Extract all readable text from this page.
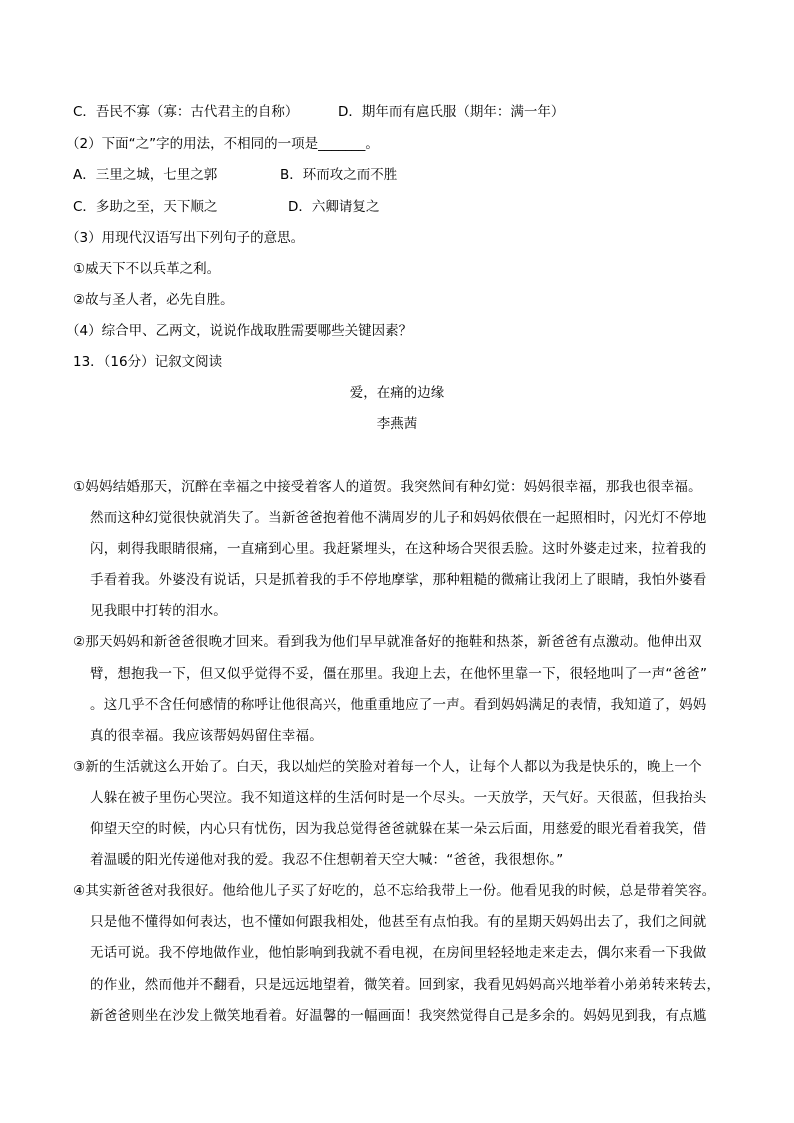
C．吾民不寡（寡：古代君主的自称）	D．期年而有扈氏服（期年：满一年）
（2）下面“之”字的用法，不相同的一项是_______。
A．三里之城，七里之郭	B．环而攻之而不胜
C．多助之至，天下顺之	D．六卿请复之
（3）用现代汉语写出下列句子的意思。
①威天下不以兵革之利。
②故与圣人者，必先自胜。
（4）综合甲、乙两文，说说作战取胜需要哪些关键因素？
13．（16分）记叙文阅读
爱，在痛的边缘
李燕茜
①妈妈结婚那天，沉醉在幸福之中接受着客人的道贺。我突然间有种幻觉：妈妈很幸福，那我也很幸福。
然而这种幻觉很快就消失了。当新爸爸抱着他不满周岁的儿子和妈妈依偎在一起照相时，闪光灯不停地
闪，刺得我眼睛很痛，一直痛到心里。我赶紧埋头，在这种场合哭很丢脸。这时外婆走过来，拉着我的
手看着我。外婆没有说话，只是抓着我的手不停地摩挲，那种粗糙的微痛让我闭上了眼睛，我怕外婆看
见我眼中打转的泪水。
②那天妈妈和新爸爸很晚才回来。看到我为他们早早就准备好的拖鞋和热茶，新爸爸有点激动。他伸出双
臂，想抱我一下，但又似乎觉得不妥，僵在那里。我迎上去，在他怀里靠一下，很轻地叫了一声“爸爸”
。这几乎不含任何感情的称呼让他很高兴，他重重地应了一声。看到妈妈满足的表情，我知道了，妈妈
真的很幸福。我应该帮妈妈留住幸福。
③新的生活就这么开始了。白天，我以灿烂的笑脸对着每一个人，让每个人都以为我是快乐的，晚上一个
人躲在被子里伤心哭泣。我不知道这样的生活何时是一个尽头。一天放学，天气好。天很蓝，但我抬头
仰望天空的时候，内心只有忧伤，因为我总觉得爸爸就躲在某一朵云后面，用慈爱的眼光看着我笑，借
着温暖的阳光传递他对我的爱。我忍不住想朝着天空大喊：“爸爸，我很想你。”
④其实新爸爸对我很好。他给他儿子买了好吃的，总不忘给我带上一份。他看见我的时候，总是带着笑容。
只是他不懂得如何表达，也不懂如何跟我相处，他甚至有点怕我。有的星期天妈妈出去了，我们之间就
无话可说。我不停地做作业，他怕影响到我就不看电视，在房间里轻轻地走来走去，偶尔来看一下我做
的作业，然而他并不翻看，只是远远地望着，微笑着。回到家，我看见妈妈高兴地举着小弟弟转来转去，
新爸爸则坐在沙发上微笑地看着。好温馨的一幅画面！我突然觉得自己是多余的。妈妈见到我，有点尴
